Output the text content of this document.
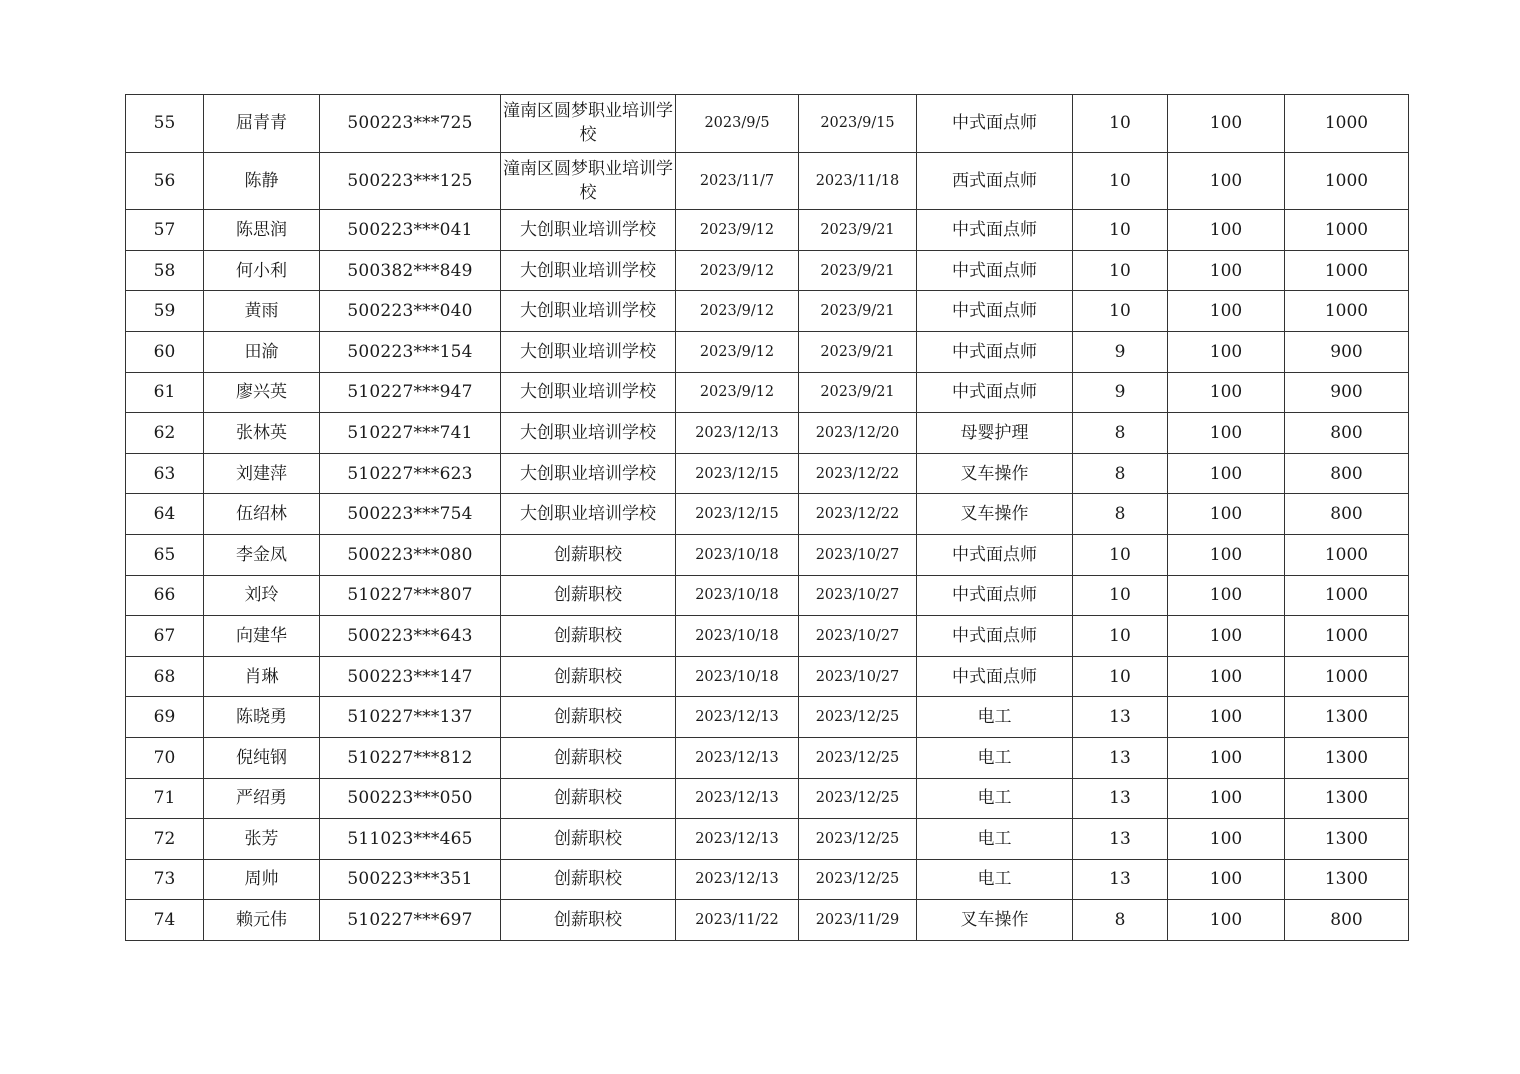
55	屈青青	500223***725	潼南区圆梦职业培训学校	2023/9/5	2023/9/15	中式面点师	10	100	1000
56	陈静	500223***125	潼南区圆梦职业培训学校	2023/11/7	2023/11/18	西式面点师	10	100	1000
57	陈思润	500223***041	大创职业培训学校	2023/9/12	2023/9/21	中式面点师	10	100	1000
58	何小利	500382***849	大创职业培训学校	2023/9/12	2023/9/21	中式面点师	10	100	1000
59	黄雨	500223***040	大创职业培训学校	2023/9/12	2023/9/21	中式面点师	10	100	1000
60	田渝	500223***154	大创职业培训学校	2023/9/12	2023/9/21	中式面点师	9	100	900
61	廖兴英	510227***947	大创职业培训学校	2023/9/12	2023/9/21	中式面点师	9	100	900
62	张林英	510227***741	大创职业培训学校	2023/12/13	2023/12/20	母婴护理	8	100	800
63	刘建萍	510227***623	大创职业培训学校	2023/12/15	2023/12/22	叉车操作	8	100	800
64	伍绍林	500223***754	大创职业培训学校	2023/12/15	2023/12/22	叉车操作	8	100	800
65	李金凤	500223***080	创薪职校	2023/10/18	2023/10/27	中式面点师	10	100	1000
66	刘玲	510227***807	创薪职校	2023/10/18	2023/10/27	中式面点师	10	100	1000
67	向建华	500223***643	创薪职校	2023/10/18	2023/10/27	中式面点师	10	100	1000
68	肖琳	500223***147	创薪职校	2023/10/18	2023/10/27	中式面点师	10	100	1000
69	陈晓勇	510227***137	创薪职校	2023/12/13	2023/12/25	电工	13	100	1300
70	倪纯钢	510227***812	创薪职校	2023/12/13	2023/12/25	电工	13	100	1300
71	严绍勇	500223***050	创薪职校	2023/12/13	2023/12/25	电工	13	100	1300
72	张芳	511023***465	创薪职校	2023/12/13	2023/12/25	电工	13	100	1300
73	周帅	500223***351	创薪职校	2023/12/13	2023/12/25	电工	13	100	1300
74	赖元伟	510227***697	创薪职校	2023/11/22	2023/11/29	叉车操作	8	100	800
